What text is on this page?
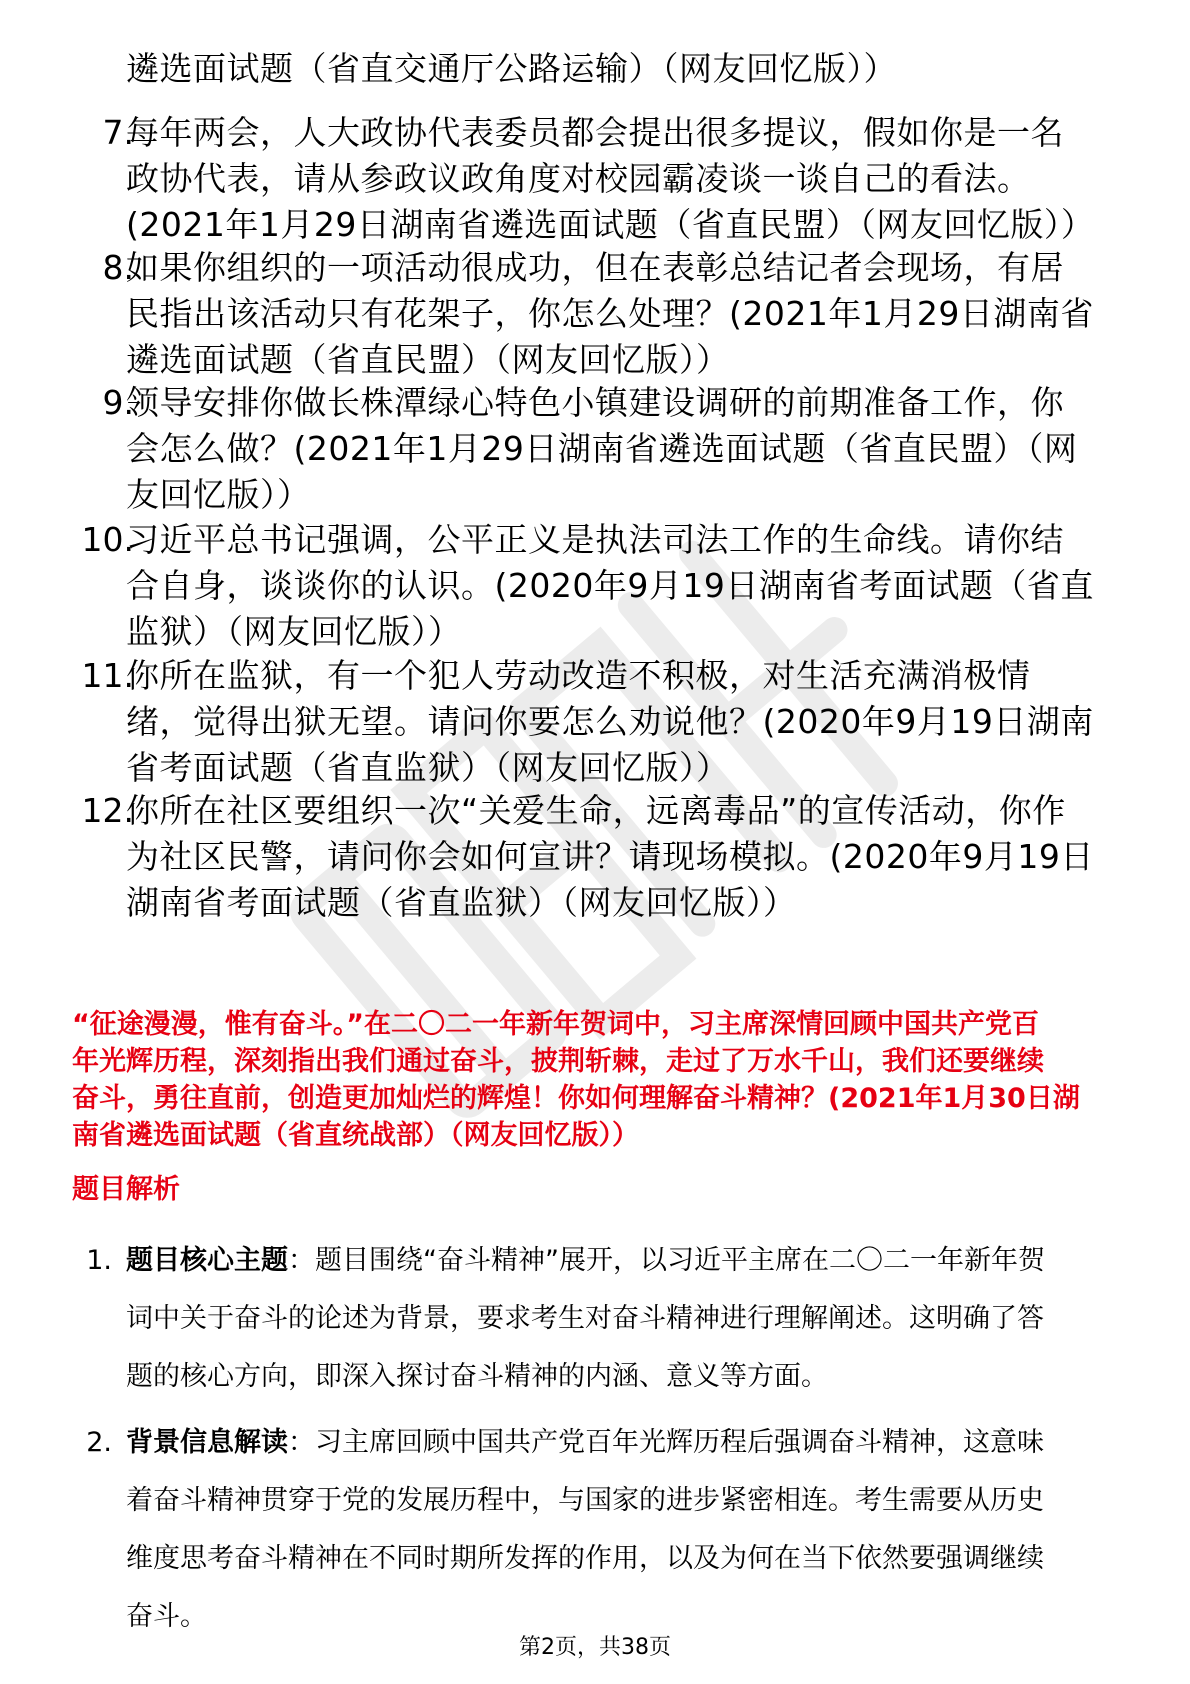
遴选面试题（省直交通厅公路运输）（网友回忆版））
7.
每年两会，人大政协代表委员都会提出很多提议，假如你是一名
政协代表，请从参政议政角度对校园霸凌谈一谈自己的看法。
(2021年1月29日湖南省遴选面试题（省直民盟）（网友回忆版））
8.
如果你组织的一项活动很成功，但在表彰总结记者会现场，有居
民指出该活动只有花架子，你怎么处理？(2021年1月29日湖南省
遴选面试题（省直民盟）（网友回忆版））
9.
领导安排你做长株潭绿心特色小镇建设调研的前期准备工作，你
会怎么做？(2021年1月29日湖南省遴选面试题（省直民盟）（网
友回忆版））
10.
习近平总书记强调，公平正义是执法司法工作的生命线。请你结
合自身，谈谈你的认识。(2020年9月19日湖南省考面试题（省直
监狱）（网友回忆版））
11.
你所在监狱，有一个犯人劳动改造不积极，对生活充满消极情
绪，觉得出狱无望。请问你要怎么劝说他？(2020年9月19日湖南
省考面试题（省直监狱）（网友回忆版））
12.
你所在社区要组织一次“关爱生命，远离毒品”的宣传活动，你作
为社区民警，请问你会如何宣讲？请现场模拟。(2020年9月19日
湖南省考面试题（省直监狱）（网友回忆版））
“征途漫漫，惟有奋斗。”在二〇二一年新年贺词中，习主席深情回顾中国共产党百
年光辉历程，深刻指出我们通过奋斗，披荆斩棘，走过了万水千山，我们还要继续
奋斗，勇往直前，创造更加灿烂的辉煌！你如何理解奋斗精神？(2021年1月30日湖
南省遴选面试题（省直统战部）（网友回忆版））
题目解析
1. 题目核心主题：题目围绕“奋斗精神”展开，以习近平主席在二〇二一年新年贺
词中关于奋斗的论述为背景，要求考生对奋斗精神进行理解阐述。这明确了答
题的核心方向，即深入探讨奋斗精神的内涵、意义等方面。
2. 背景信息解读：习主席回顾中国共产党百年光辉历程后强调奋斗精神，这意味
着奋斗精神贯穿于党的发展历程中，与国家的进步紧密相连。考生需要从历史
维度思考奋斗精神在不同时期所发挥的作用，以及为何在当下依然要强调继续
奋斗。
第2页，共38页
